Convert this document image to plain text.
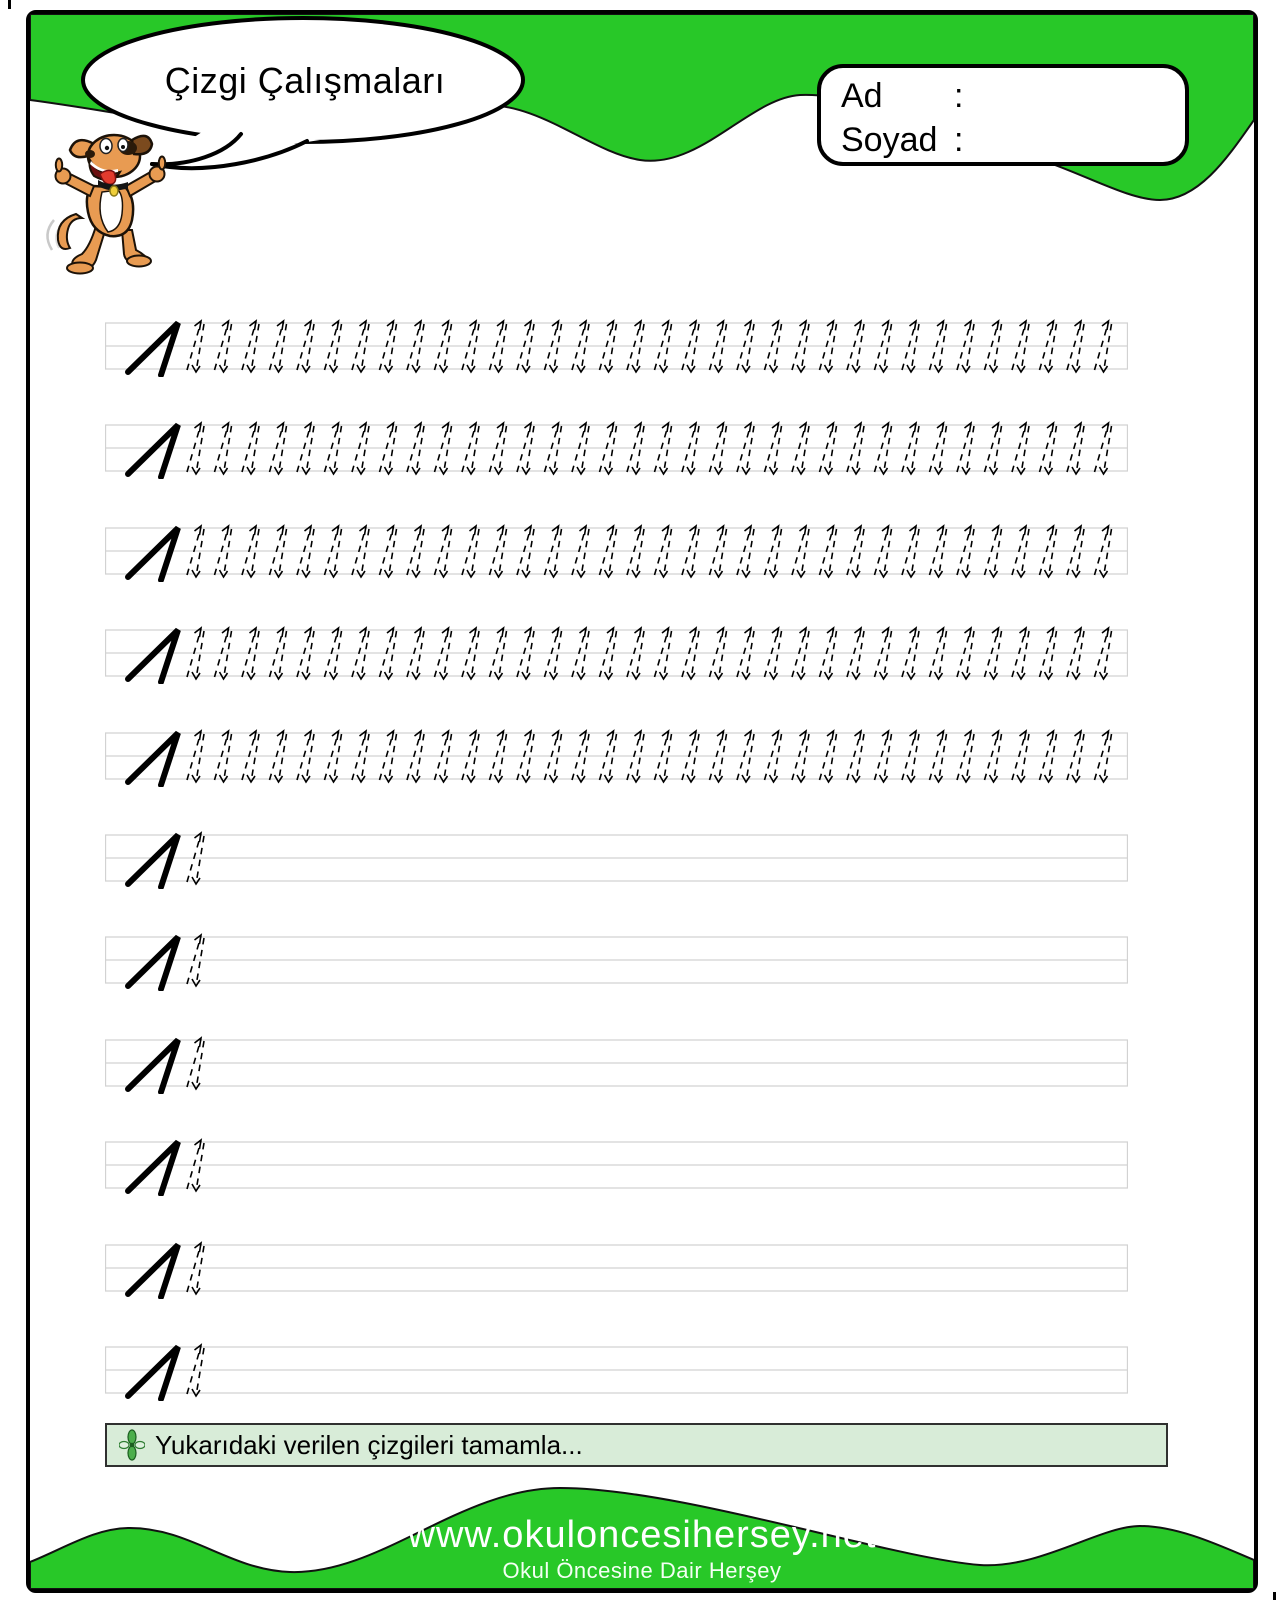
Çizgi Çalışmaları	Ad :
Soyad :
Yukarıdaki verilen çizgileri tamamla...
www.okuloncesihersey.net
Okul Öncesine Dair Herşey
